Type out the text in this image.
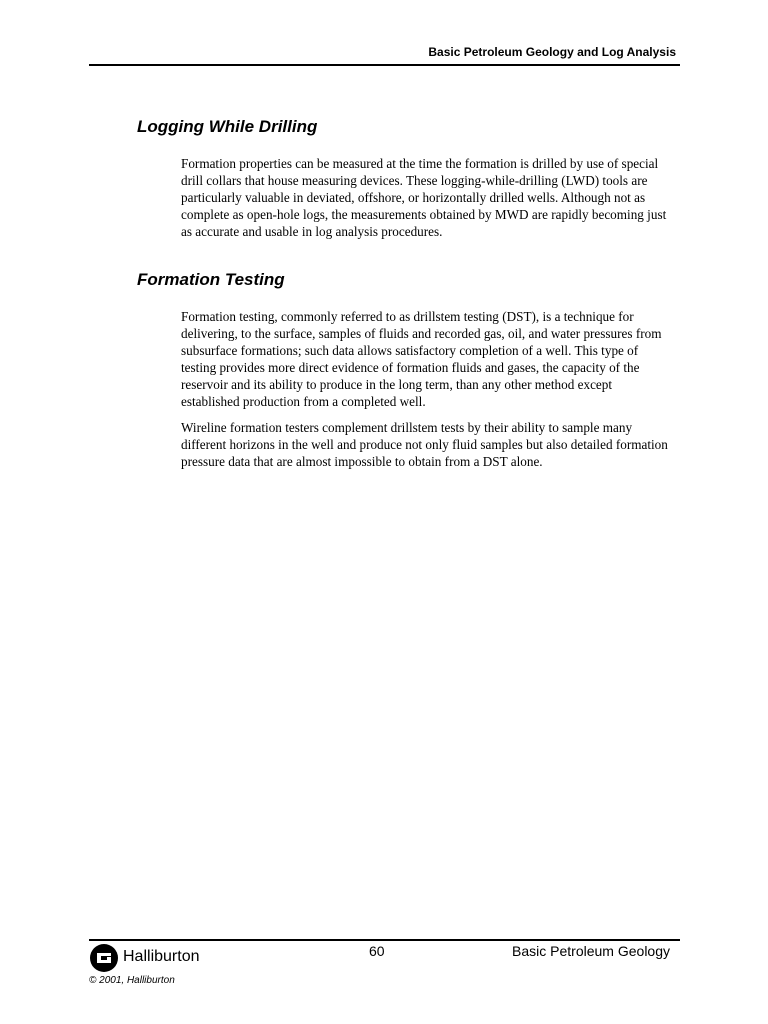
Basic Petroleum Geology and Log Analysis
Logging While Drilling

Formation properties can be measured at the time the formation is drilled by use of special drill collars that house measuring devices. These logging-while-drilling (LWD) tools are particularly valuable in deviated, offshore, or horizontally drilled wells. Although not as complete as open-hole logs, the measurements obtained by MWD are rapidly becoming just as accurate and usable in log analysis procedures.

Formation Testing

Formation testing, commonly referred to as drillstem testing (DST), is a technique for delivering, to the surface, samples of fluids and recorded gas, oil, and water pressures from subsurface formations; such data allows satisfactory completion of a well. This type of testing provides more direct evidence of formation fluids and gases, the capacity of the reservoir and its ability to produce in the long term, than any other method except established production from a completed well.

Wireline formation testers complement drillstem tests by their ability to sample many different horizons in the well and produce not only fluid samples but also detailed formation pressure data that are almost impossible to obtain from a DST alone.

Halliburton	60	Basic Petroleum Geology
© 2001, Halliburton
